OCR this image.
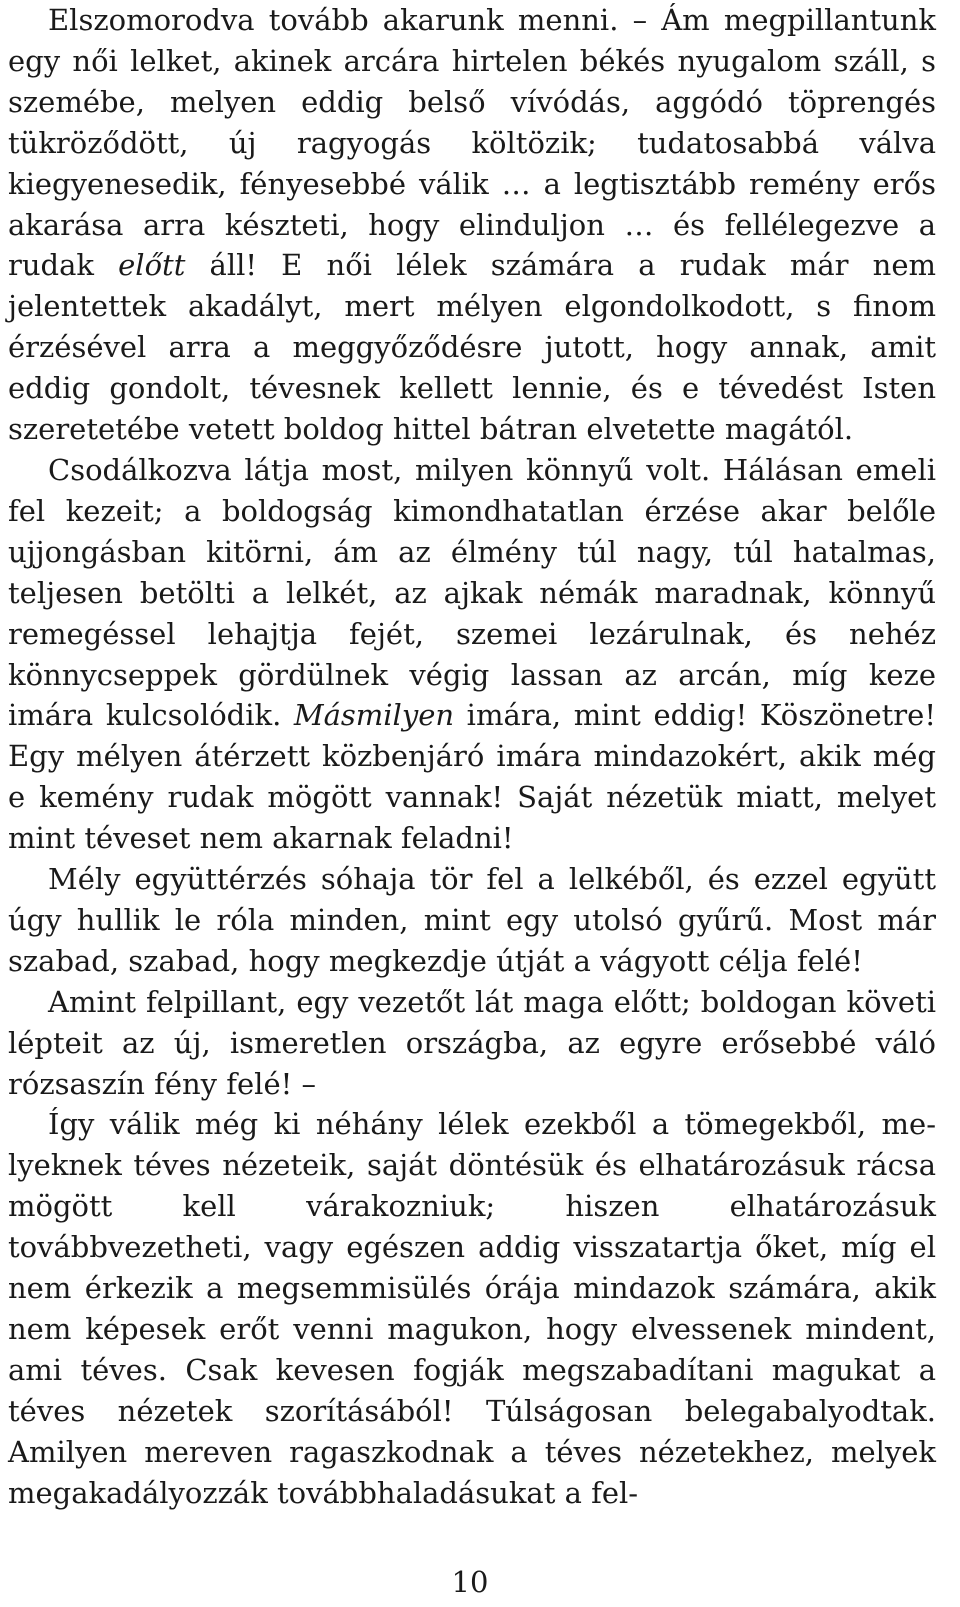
Elszomorodva tovább akarunk menni. – Ám megpillantunk egy női lelket, akinek arcára hirtelen békés nyugalom száll, s szemébe, melyen eddig belső vívódás, aggódó töprengés tükröződött, új ragyogás költözik; tudatosabbá válva kiegyenesedik, fényesebbé válik … a legtisztább remény erős akarása arra készteti, hogy elinduljon … és fellélegezve a rudak előtt áll! E női lélek számára a rudak már nem jelentettek akadályt, mert mélyen elgondolkodott, s finom érzésével arra a meggyőződésre jutott, hogy annak, amit eddig gondolt, tévesnek kellett lennie, és e tévedést Isten szeretetébe vetett boldog hittel bátran elvetette magától.

Csodálkozva látja most, milyen könnyű volt. Hálásan emeli fel kezeit; a boldogság kimondhatatlan érzése akar belőle ujjongásban kitörni, ám az élmény túl nagy, túl hatalmas, teljesen betölti a lelkét, az ajkak némák maradnak, könnyű remegéssel lehajtja fejét, szemei lezárulnak, és nehéz könnycseppek gördülnek végig lassan az arcán, míg keze imára kulcsolódik. Másmilyen imára, mint eddig! Köszönetre! Egy mélyen átérzett közbenjáró imára mindazokért, akik még e kemény rudak mögött vannak! Saját nézetük miatt, melyet mint téveset nem akarnak feladni!

Mély együttérzés sóhaja tör fel a lelkéből, és ezzel együtt úgy hullik le róla minden, mint egy utolsó gyűrű. Most már szabad, szabad, hogy megkezdje útját a vágyott célja felé!

Amint felpillant, egy vezetőt lát maga előtt; boldogan követi lépteit az új, ismeretlen országba, az egyre erősebbé váló rózsaszín fény felé! –

Így válik még ki néhány lélek ezekből a tömegekből, melyeknek téves nézeteik, saját döntésük és elhatározásuk rácsa mögött kell várakozniuk; hiszen elhatározásuk továbbvezetheti, vagy egészen addig visszatartja őket, míg el nem érkezik a megsemmisülés órája mindazok számára, akik nem képesek erőt venni magukon, hogy elvessenek mindent, ami téves. Csak kevesen fogják megszabadítani magukat a téves nézetek szorításából! Túlságosan belegabalyodtak. Amilyen mereven ragaszkodnak a téves nézetekhez, melyek megakadályozzák továbbhaladásukat a fel-

10
